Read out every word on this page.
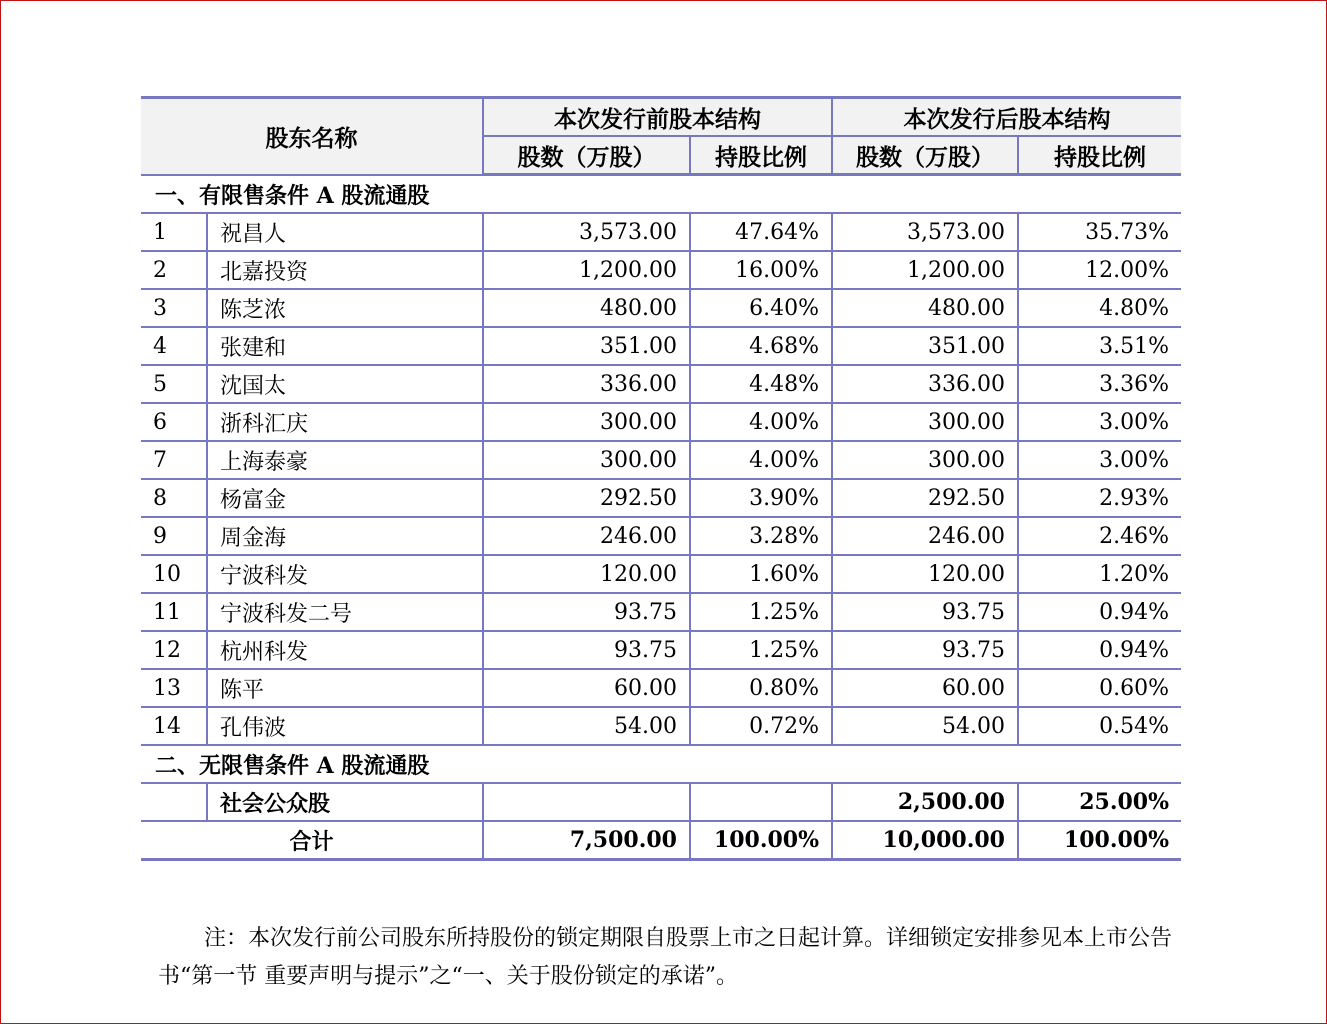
股东名称		本次发行前股本结构		本次发行后股本结构	
		股数（万股）	持股比例	股数（万股）	持股比例
一、有限售条件 A 股流通股					
1	祝昌人	3,573.00	47.64%	3,573.00	35.73%
2	北嘉投资	1,200.00	16.00%	1,200.00	12.00%
3	陈芝浓	480.00	6.40%	480.00	4.80%
4	张建和	351.00	4.68%	351.00	3.51%
5	沈国太	336.00	4.48%	336.00	3.36%
6	浙科汇庆	300.00	4.00%	300.00	3.00%
7	上海泰豪	300.00	4.00%	300.00	3.00%
8	杨富金	292.50	3.90%	292.50	2.93%
9	周金海	246.00	3.28%	246.00	2.46%
10	宁波科发	120.00	1.60%	120.00	1.20%
11	宁波科发二号	93.75	1.25%	93.75	0.94%
12	杭州科发	93.75	1.25%	93.75	0.94%
13	陈平	60.00	0.80%	60.00	0.60%
14	孔伟波	54.00	0.72%	54.00	0.54%
二、无限售条件 A 股流通股					
	社会公众股			2,500.00	25.00%
合计		7,500.00	100.00%	10,000.00	100.00%
注：本次发行前公司股东所持股份的锁定期限自股票上市之日起计算。详细锁定安排参见本上市公告书“第一节 重要声明与提示”之“一、关于股份锁定的承诺”。
